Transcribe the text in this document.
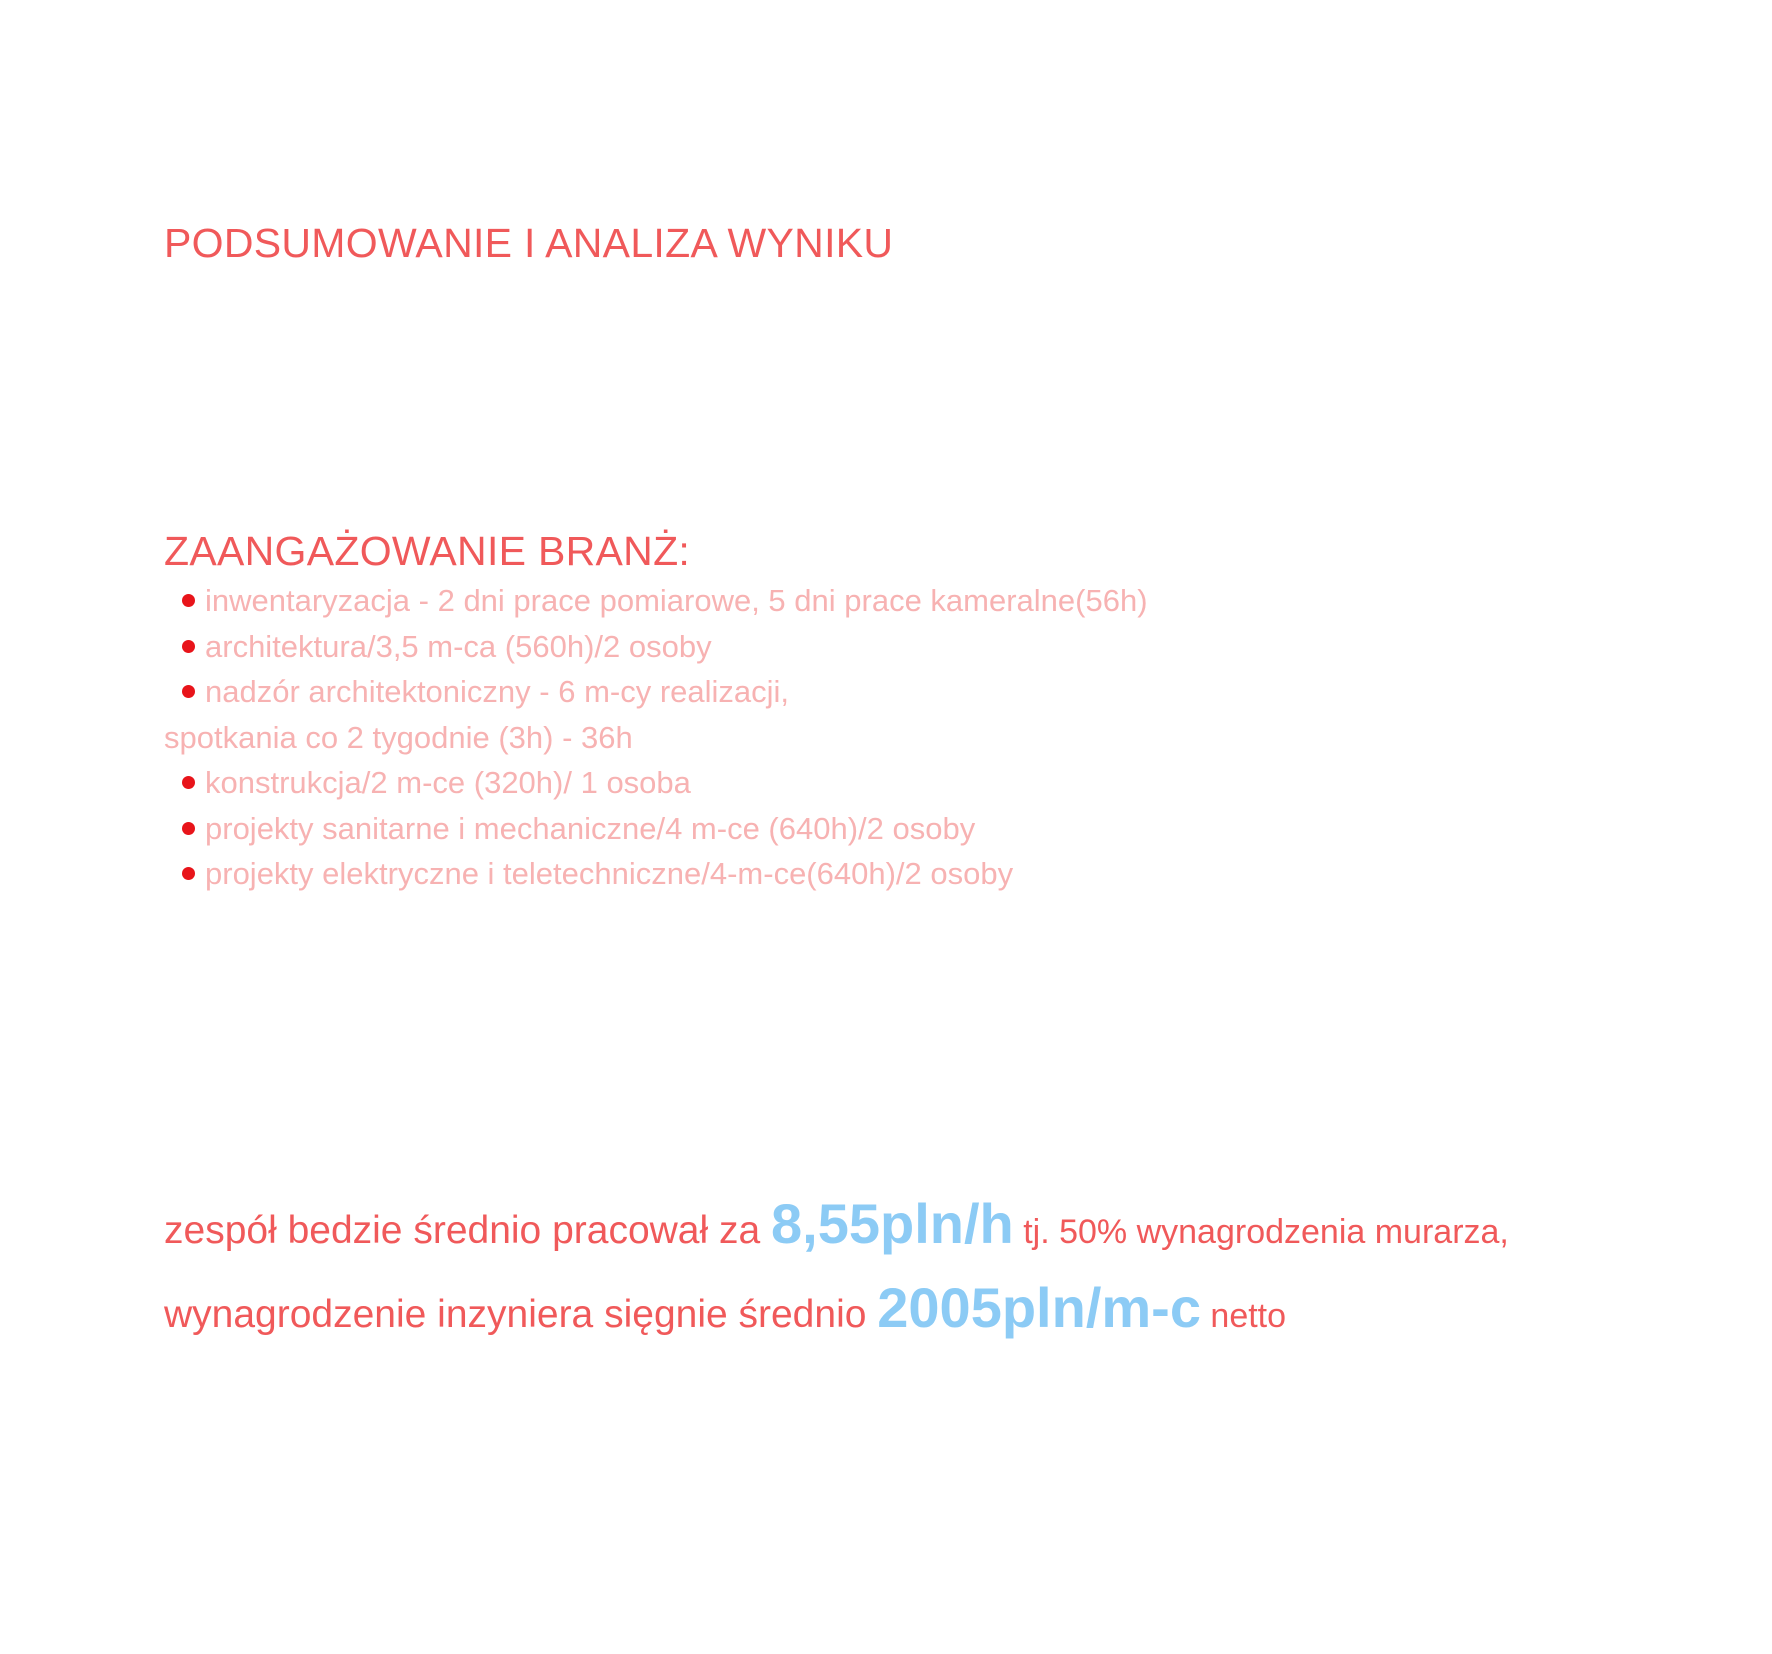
PODSUMOWANIE I ANALIZA WYNIKU
ZAANGAŻOWANIE BRANŻ:
inwentaryzacja - 2 dni prace pomiarowe, 5 dni prace kameralne(56h)
architektura/3,5 m-ca (560h)/2 osoby
nadzór architektoniczny - 6 m-cy realizacji,
spotkania co 2 tygodnie (3h) - 36h
konstrukcja/2 m-ce (320h)/ 1 osoba
projekty sanitarne i mechaniczne/4 m-ce (640h)/2 osoby
projekty elektryczne i teletechniczne/4-m-ce(640h)/2 osoby
zespół bedzie średnio pracował za 8,55pln/h tj. 50% wynagrodzenia murarza,
wynagrodzenie inzyniera sięgnie średnio 2005pln/m-c netto
